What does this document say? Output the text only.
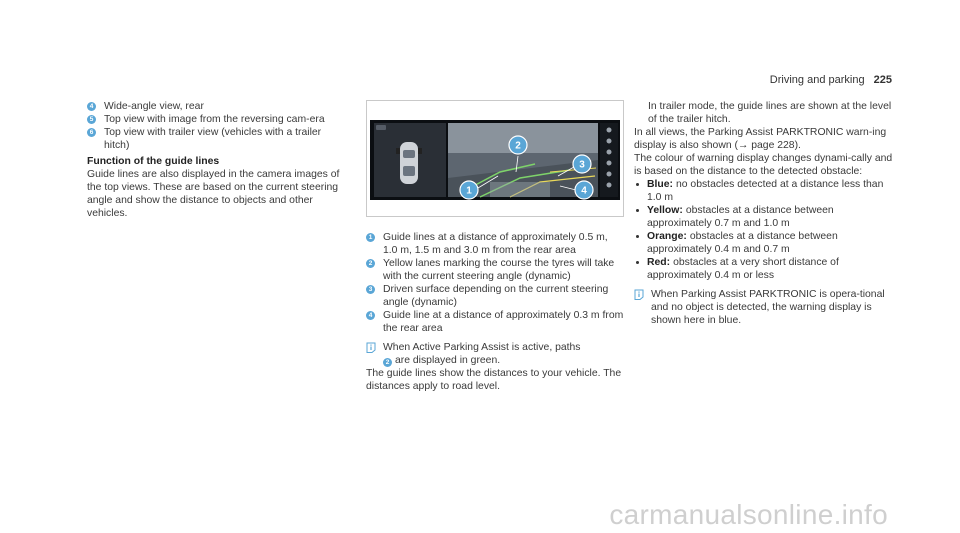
Driving and parking 225
4 Wide-angle view, rear
5 Top view with image from the reversing cam-era
6 Top view with trailer view (vehicles with a trailer hitch)
Function of the guide lines

Guide lines are also displayed in the camera images of the top views. These are based on the current steering angle and show the distance to objects and other vehicles.

1
2
3
4
1 Guide lines at a distance of approximately 0.5 m, 1.0 m, 1.5 m and 3.0 m from the rear area
2 Yellow lanes marking the course the tyres will take with the current steering angle (dynamic)
3 Driven surface depending on the current steering angle (dynamic)
4 Guide line at a distance of approximately 0.3 m from the rear area
When Active Parking Assist is active, paths
2 are displayed in green.
The guide lines show the distances to your vehicle. The distances apply to road level.

In trailer mode, the guide lines are shown at the level of the trailer hitch.

In all views, the Parking Assist PARKTRONIC warn-ing display is also shown (→ page 228).

The colour of warning display changes dynami-cally and is based on the distance to the detected obstacle:

Blue: no obstacles detected at a distance less than 1.0 m
Yellow: obstacles at a distance between approximately 0.7 m and 1.0 m
Orange: obstacles at a distance between approximately 0.4 m and 0.7 m
Red: obstacles at a very short distance of approximately 0.4 m or less
When Parking Assist PARKTRONIC is opera-tional and no object is detected, the warning display is shown here in blue.
carmanualsonline.info
